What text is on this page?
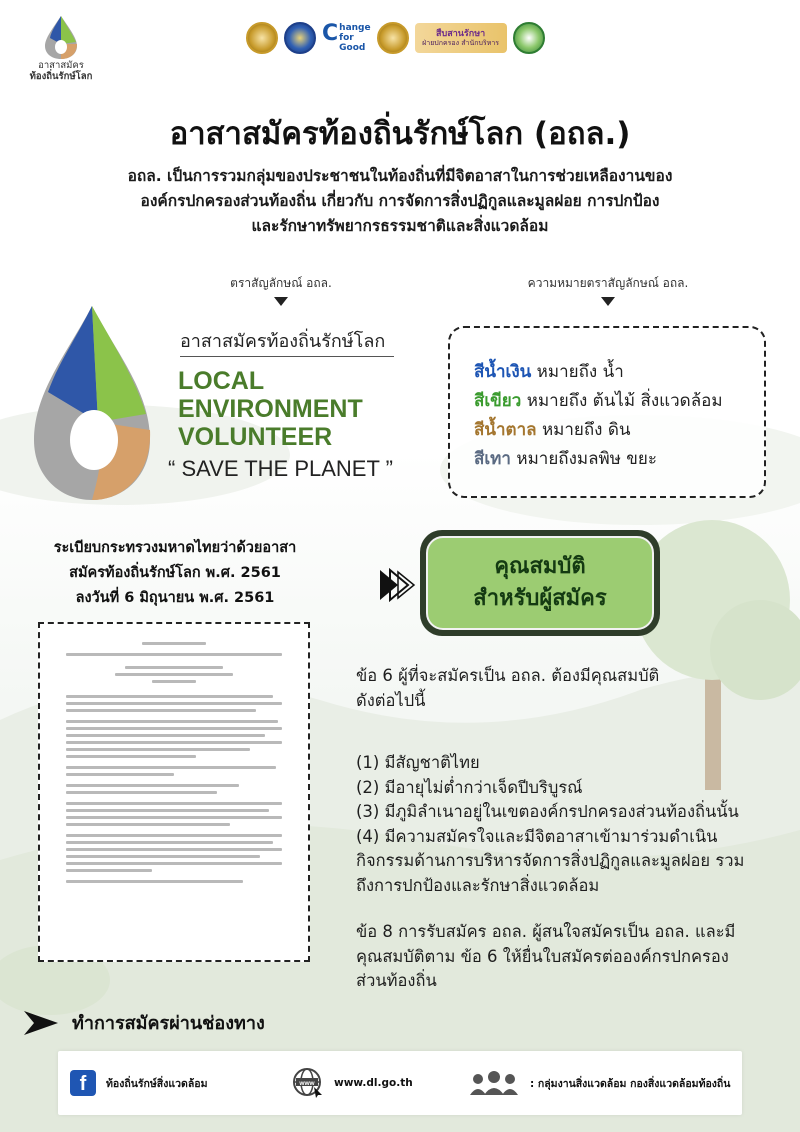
อาสาสมัคร
ท้องถิ่นรักษ์โลก
C hange
for Good
สืบสานรักษา
ฝ่ายปกครอง สำนักบริหาร
อาสาสมัครท้องถิ่นรักษ์โลก (อถล.)
อถล. เป็นการรวมกลุ่มของประชาชนในท้องถิ่นที่มีจิตอาสาในการช่วยเหลืองานของ
องค์กรปกครองส่วนท้องถิ่น เกี่ยวกับ การจัดการสิ่งปฏิกูลและมูลฝอย การปกป้อง
และรักษาทรัพยากรธรรมชาติและสิ่งแวดล้อม
ตราสัญลักษณ์ อถล.	ความหมายตราสัญลักษณ์ อถล.
อาสาสมัครท้องถิ่นรักษ์โลก
LOCAL
ENVIRONMENT
VOLUNTEER
“ SAVE THE PLANET ”
สีน้ำเงิน หมายถึง น้ำ
สีเขียว หมายถึง ต้นไม้ สิ่งแวดล้อม
สีน้ำตาล หมายถึง ดิน
สีเทา หมายถึงมลพิษ ขยะ
ระเบียบกระทรวงมหาดไทยว่าด้วยอาสา
สมัครท้องถิ่นรักษ์โลก พ.ศ. 2561
ลงวันที่ 6 มิถุนายน พ.ศ. 2561
คุณสมบัติ
สำหรับผู้สมัคร

ข้อ 6 ผู้ที่จะสมัครเป็น อถล. ต้องมีคุณสมบัติ

ดังต่อไปนี้

(1) มีสัญชาติไทย

(2) มีอายุไม่ต่ำกว่าเจ็ดปีบริบูรณ์

(3) มีภูมิลำเนาอยู่ในเขตองค์กรปกครองส่วนท้องถิ่นนั้น

(4) มีความสมัครใจและมีจิตอาสาเข้ามาร่วมดำเนิน

กิจกรรมด้านการบริหารจัดการสิ่งปฏิกูลและมูลฝอย รวม

ถึงการปกป้องและรักษาสิ่งแวดล้อม

ข้อ 8 การรับสมัคร อถล. ผู้สนใจสมัครเป็น อถล. และมี

คุณสมบัติตาม ข้อ 6 ให้ยื่นใบสมัครต่อองค์กรปกครอง

ส่วนท้องถิ่น

ทำการสมัครผ่านช่องทาง
f ท้องถิ่นรักษ์สิ่งแวดล้อม	www www.dl.go.th	: กลุ่มงานสิ่งแวดล้อม กองสิ่งแวดล้อมท้องถิ่น
